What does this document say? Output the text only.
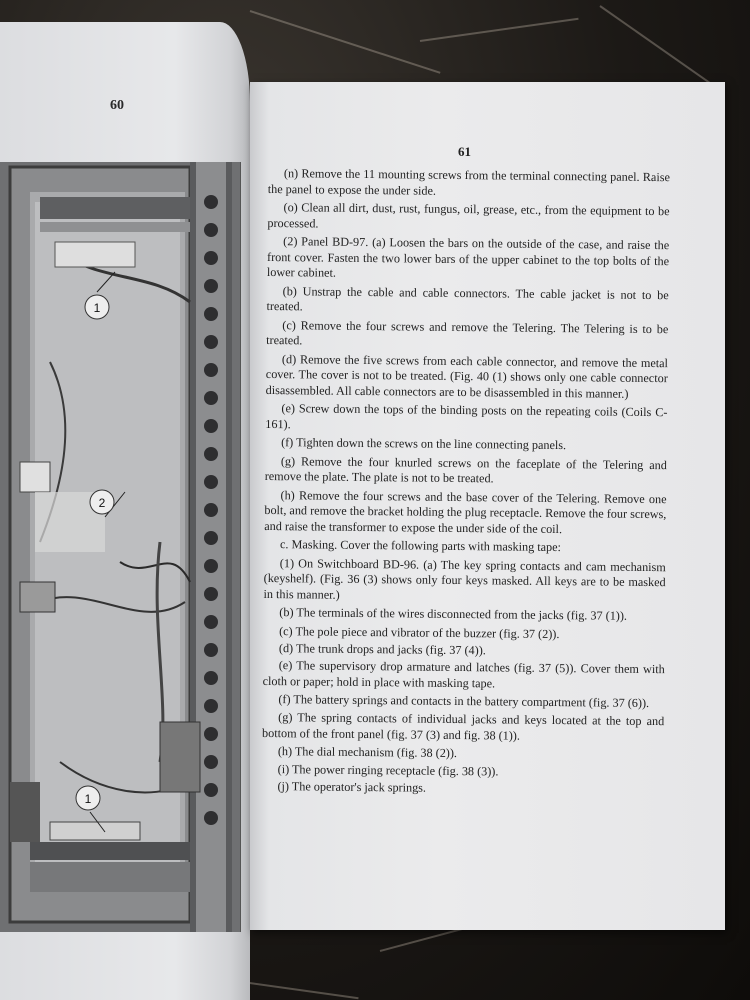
60
1
2
1
61

(n) Remove the 11 mounting screws from the terminal connecting panel. Raise the panel to expose the under side.

(o) Clean all dirt, dust, rust, fungus, oil, grease, etc., from the equipment to be processed.

(2) Panel BD-97. (a) Loosen the bars on the outside of the case, and raise the front cover. Fasten the two lower bars of the upper cabinet to the top bolts of the lower cabinet.

(b) Unstrap the cable and cable connectors. The cable jacket is not to be treated.

(c) Remove the four screws and remove the Telering. The Telering is to be treated.

(d) Remove the five screws from each cable connector, and remove the metal cover. The cover is not to be treated. (Fig. 40 (1) shows only one cable connector disassembled. All cable connectors are to be disassembled in this manner.)

(e) Screw down the tops of the binding posts on the repeating coils (Coils C-161).

(f) Tighten down the screws on the line connecting panels.

(g) Remove the four knurled screws on the faceplate of the Telering and remove the plate. The plate is not to be treated.

(h) Remove the four screws and the base cover of the Telering. Remove one bolt, and remove the bracket holding the plug receptacle. Remove the four screws, and raise the transformer to expose the under side of the coil.

c. Masking. Cover the following parts with masking tape:

(1) On Switchboard BD-96. (a) The key spring contacts and cam mechanism (keyshelf). (Fig. 36 (3) shows only four keys masked. All keys are to be masked in this manner.)

(b) The terminals of the wires disconnected from the jacks (fig. 37 (1)).

(c) The pole piece and vibrator of the buzzer (fig. 37 (2)).

(d) The trunk drops and jacks (fig. 37 (4)).

(e) The supervisory drop armature and latches (fig. 37 (5)). Cover them with cloth or paper; hold in place with masking tape.

(f) The battery springs and contacts in the battery compartment (fig. 37 (6)).

(g) The spring contacts of individual jacks and keys located at the top and bottom of the front panel (fig. 37 (3) and fig. 38 (1)).

(h) The dial mechanism (fig. 38 (2)).

(i) The power ringing receptacle (fig. 38 (3)).

(j) The operator's jack springs.
